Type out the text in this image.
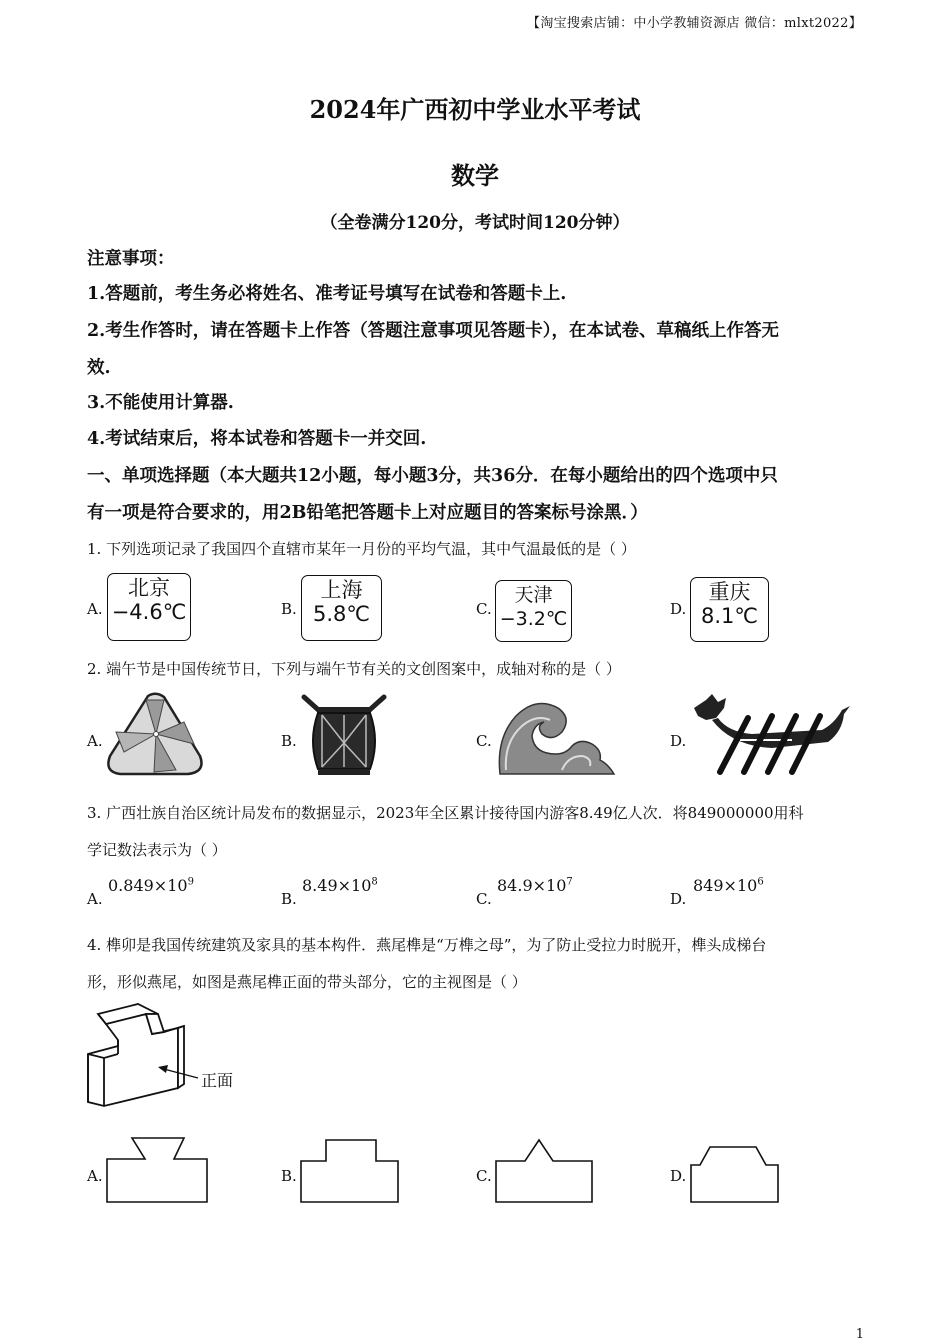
【淘宝搜索店铺：中小学教辅资源店 微信：mlxt2022】
2024年广西初中学业水平考试
数学
（全卷满分120分，考试时间120分钟）
注意事项：
1.答题前，考生务必将姓名、准考证号填写在试卷和答题卡上.
2.考生作答时，请在答题卡上作答（答题注意事项见答题卡），在本试卷、草稿纸上作答无
效.
3.不能使用计算器.
4.考试结束后，将本试卷和答题卡一并交回.
一、单项选择题（本大题共12小题，每小题3分，共36分．在每小题给出的四个选项中只
有一项是符合要求的，用2B铅笔把答题卡上对应题目的答案标号涂黑．）
1. 下列选项记录了我国四个直辖市某年一月份的平均气温，其中气温最低的是（ ）
A.
北京
−4.6℃	B.
上海
5.8℃	C.
天津
−3.2℃	D.
重庆
8.1℃
2. 端午节是中国传统节日，下列与端午节有关的文创图案中，成轴对称的是（ ）
A.	B.	C.	D.
3. 广西壮族自治区统计局发布的数据显示，2023年全区累计接待国内游客8.49亿人次．将849000000用科
学记数法表示为（ ）
A.
$0.849\times 10^9$
B.
$8.49\times 10^8$
C.
$84.9\times 10^7$
D.
$849\times 10^6$
4. 榫卯是我国传统建筑及家具的基本构件．燕尾榫是“万榫之母”，为了防止受拉力时脱开，榫头成梯台
形，形似燕尾，如图是燕尾榫正面的带头部分，它的主视图是（ ）
正面
A.	B.	C.	D.
1
